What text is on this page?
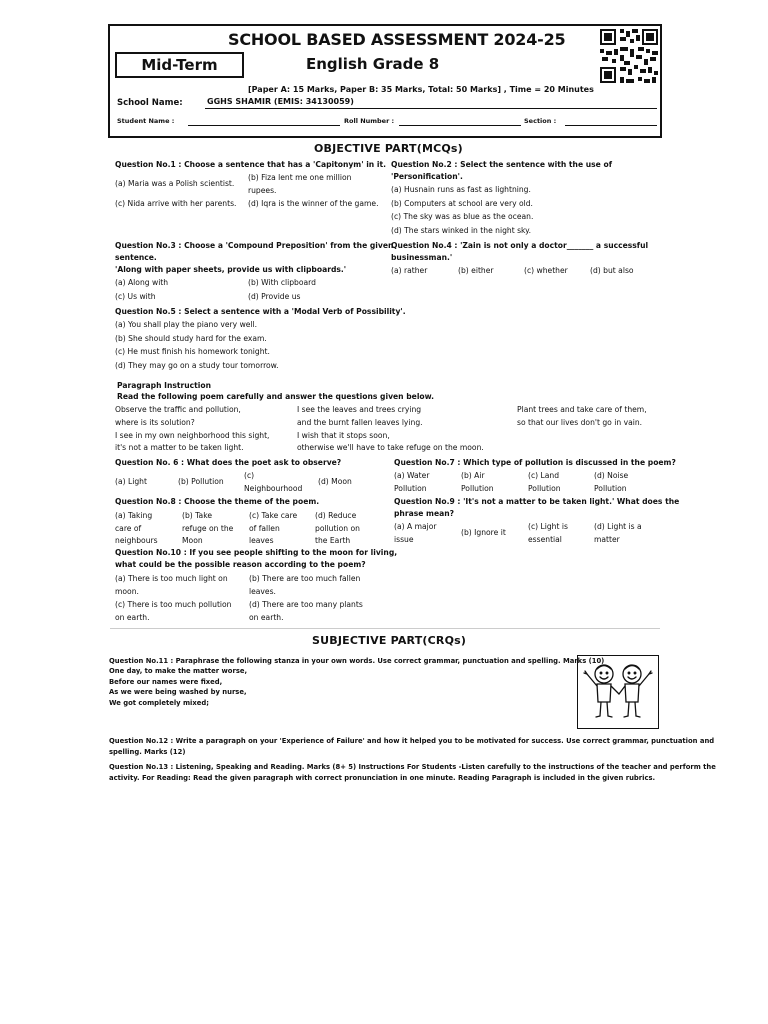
SCHOOL BASED ASSESSMENT 2024-25
Mid-Term	English Grade 8
[Paper A: 15 Marks, Paper B: 35 Marks, Total: 50 Marks] , Time = 20 Minutes
School Name:	GGHS SHAMIR (EMIS: 34130059)
Student Name :	Roll Number :	Section :
OBJECTIVE PART(MCQs)
Question No.1 : Choose a sentence that has a 'Capitonym' in it.
(a) Maria was a Polish scientist.
(b) Fiza lent me one million
rupees.
(c) Nida arrive with her parents. (d) Iqra is the winner of the game.
Question No.2 : Select the sentence with the use of
'Personification'.
(a) Husnain runs as fast as lightning.
(b) Computers at school are very old.
(c) The sky was as blue as the ocean.
(d) The stars winked in the night sky.
Question No.3 : Choose a 'Compound Preposition' from the given
sentence.
'Along with paper sheets, provide us with clipboards.'
(a) Along with	(b) With clipboard
(c) Us with	(d) Provide us
Question No.4 : 'Zain is not only a doctor_______ a successful
businessman.'
(a) rather	(b) either	(c) whether	(d) but also
Question No.5 : Select a sentence with a 'Modal Verb of Possibility'.
(a) You shall play the piano very well.
(b) She should study hard for the exam.
(c) He must finish his homework tonight.
(d) They may go on a study tour tomorrow.
Paragraph Instruction
Read the following poem carefully and answer the questions given below.
Observe the traffic and pollution,
where is its solution?
I see in my own neighborhood this sight,
it's not a matter to be taken light.
I see the leaves and trees crying
and the burnt fallen leaves lying.
I wish that it stops soon,
otherwise we'll have to take refuge on the moon.
Plant trees and take care of them,
so that our lives don't go in vain.
Question No. 6 : What does the poet ask to observe?
(a) Light	(b) Pollution
(c)
Neighbourhood
(d) Moon
Question No.7 : Which type of pollution is discussed in the poem?
(a) Water
Pollution
(b) Air
Pollution
(c) Land
Pollution
(d) Noise
Pollution
Question No.8 : Choose the theme of the poem.
(a) Taking
care of
neighbours
(b) Take
refuge on the
Moon
(c) Take care
of fallen
leaves
(d) Reduce
pollution on
the Earth
Question No.9 : 'It's not a matter to be taken light.' What does the
phrase mean?
(a) A major
issue
(b) Ignore it
(c) Light is
essential
(d) Light is a
matter
Question No.10 : If you see people shifting to the moon for living,
what could be the possible reason according to the poem?
(a) There is too much light on
moon.
(b) There are too much fallen
leaves.
(c) There is too much pollution
on earth.
(d) There are too many plants
on earth.
SUBJECTIVE PART(CRQs)
Question No.11 : Paraphrase the following stanza in your own words. Use correct grammar, punctuation and spelling. Marks (10)
One day, to make the matter worse,
Before our names were fixed,
As we were being washed by nurse,
We got completely mixed;
Question No.12 : Write a paragraph on your 'Experience of Failure' and how it helped you to be motivated for success. Use correct grammar, punctuation and
spelling. Marks (12)
Question No.13 : Listening, Speaking and Reading. Marks (8+ 5) Instructions For Students -Listen carefully to the instructions of the teacher and perform the
activity. For Reading: Read the given paragraph with correct pronunciation in one minute. Reading Paragraph is included in the given rubrics.
